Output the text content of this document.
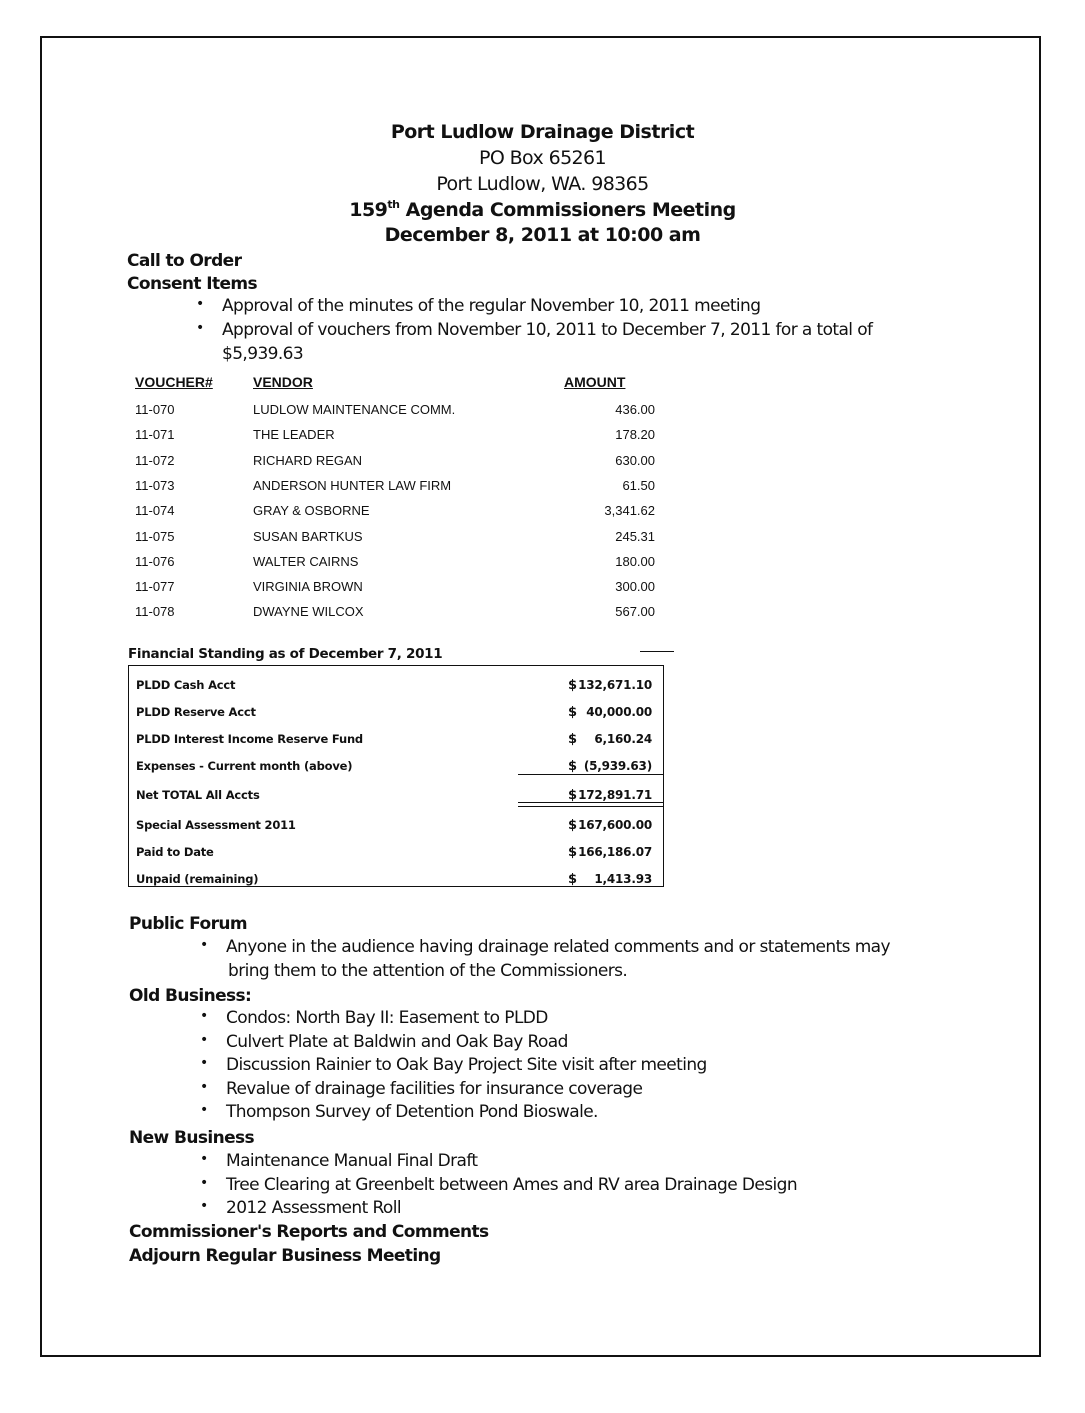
Port Ludlow Drainage District
PO Box 65261
Port Ludlow, WA. 98365
159th Agenda Commissioners Meeting
December 8, 2011 at 10:00 am
Call to Order
Consent Items
• Approval of the minutes of the regular November 10, 2011 meeting
• Approval of vouchers from November 10, 2011 to December 7, 2011 for a total of
$5,939.63
VOUCHER#	VENDOR	AMOUNT
11-070	LUDLOW MAINTENANCE COMM.	436.00
11-071	THE LEADER	178.20
11-072	RICHARD REGAN	630.00
11-073	ANDERSON HUNTER LAW FIRM	61.50
11-074	GRAY & OSBORNE	3,341.62
11-075	SUSAN BARTKUS	245.31
11-076	WALTER CAIRNS	180.00
11-077	VIRGINIA BROWN	300.00
11-078	DWAYNE WILCOX	567.00
Financial Standing as of December 7, 2011
PLDD Cash Acct	$ 132,671.10
PLDD Reserve Acct	$ 40,000.00
PLDD Interest Income Reserve Fund	$ 6,160.24
Expenses - Current month (above)	$ (5,939.63)
Net TOTAL All Accts	$ 172,891.71
Special Assessment 2011	$ 167,600.00
Paid to Date	$ 166,186.07
Unpaid (remaining)	$ 1,413.93
Public Forum
• Anyone in the audience having drainage related comments and or statements may
bring them to the attention of the Commissioners.
Old Business:
• Condos: North Bay II: Easement to PLDD
• Culvert Plate at Baldwin and Oak Bay Road
• Discussion Rainier to Oak Bay Project Site visit after meeting
• Revalue of drainage facilities for insurance coverage
• Thompson Survey of Detention Pond Bioswale.
New Business
• Maintenance Manual Final Draft
• Tree Clearing at Greenbelt between Ames and RV area Drainage Design
• 2012 Assessment Roll
Commissioner's Reports and Comments
Adjourn Regular Business Meeting
